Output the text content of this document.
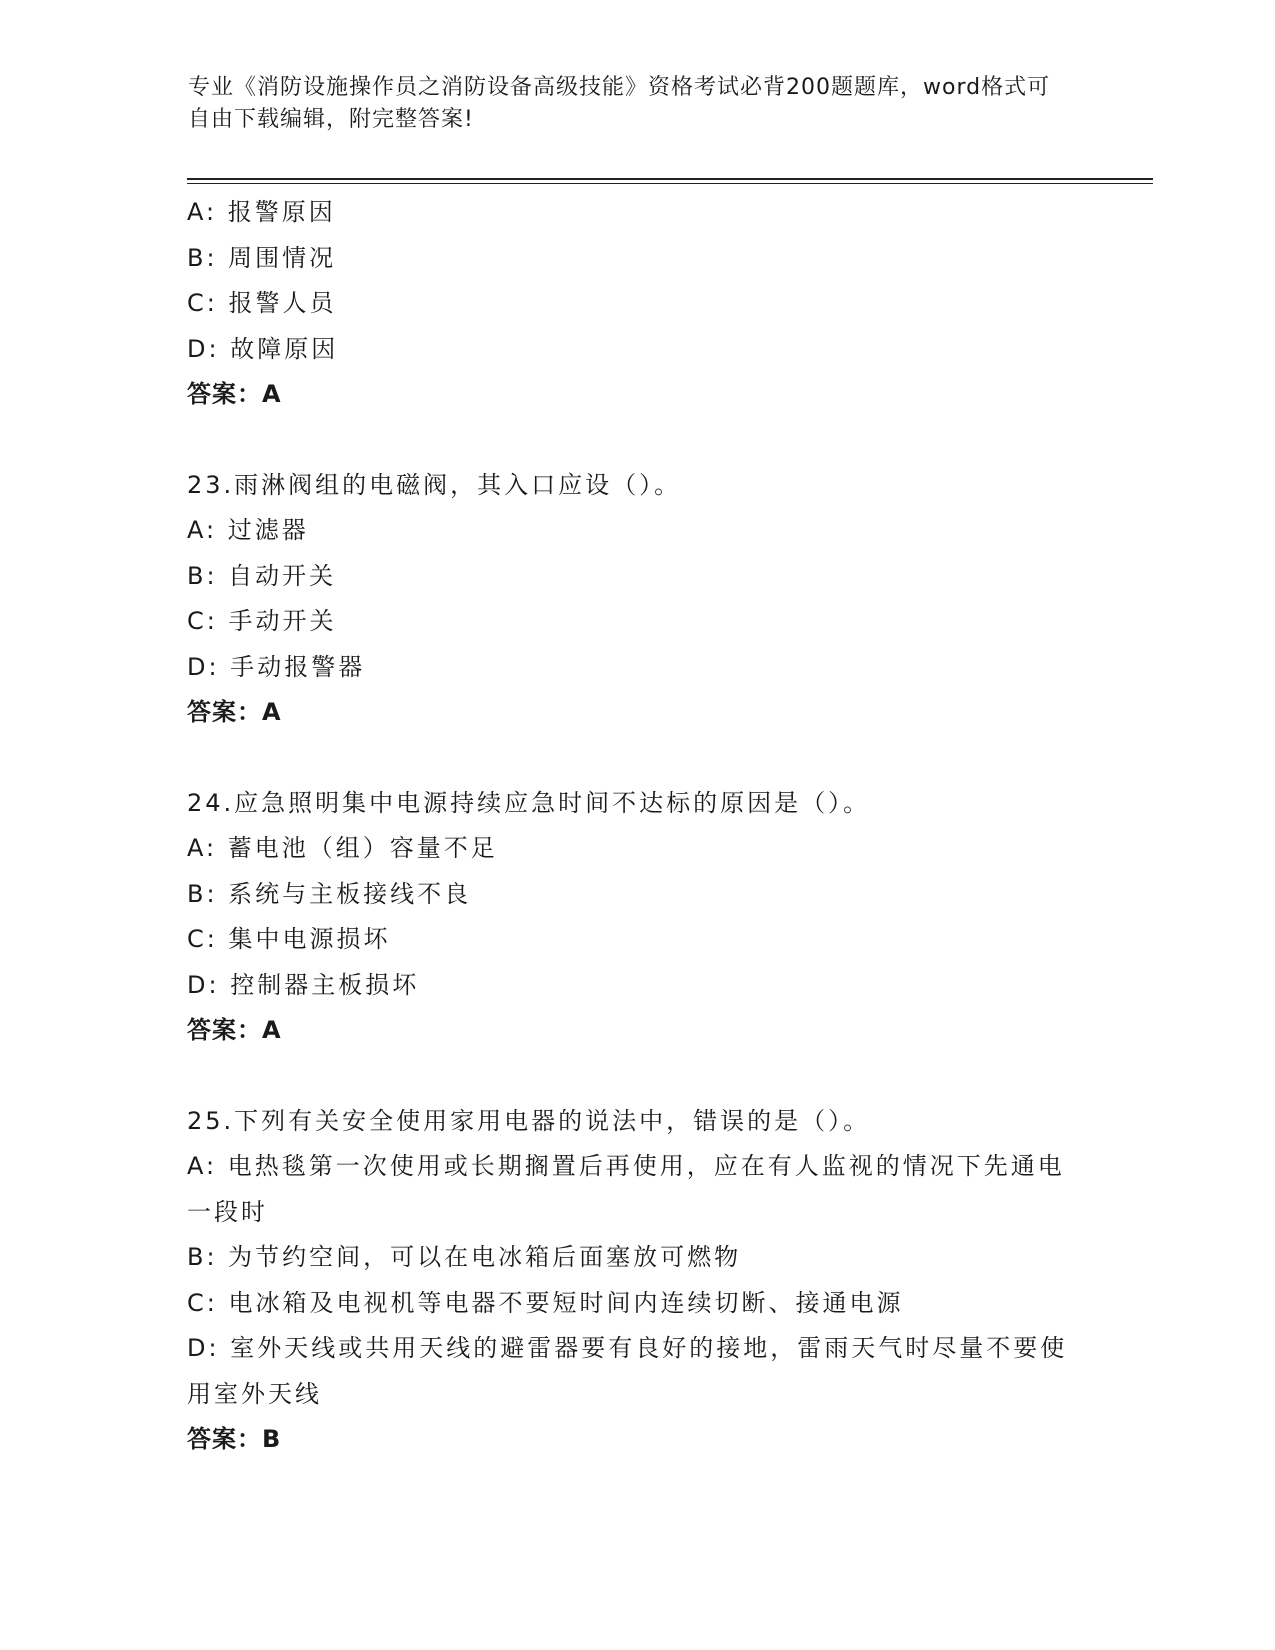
专业《消防设施操作员之消防设备高级技能》资格考试必背200题题库，word格式可自由下载编辑，附完整答案!
A: 报警原因
B: 周围情况
C: 报警人员
D: 故障原因
答案：A
23.雨淋阀组的电磁阀，其入口应设（）。
A: 过滤器
B: 自动开关
C: 手动开关
D: 手动报警器
答案：A
24.应急照明集中电源持续应急时间不达标的原因是（）。
A: 蓄电池（组）容量不足
B: 系统与主板接线不良
C: 集中电源损坏
D: 控制器主板损坏
答案：A
25.下列有关安全使用家用电器的说法中，错误的是（）。
A: 电热毯第一次使用或长期搁置后再使用，应在有人监视的情况下先通电一段时
B: 为节约空间，可以在电冰箱后面塞放可燃物
C: 电冰箱及电视机等电器不要短时间内连续切断、接通电源
D: 室外天线或共用天线的避雷器要有良好的接地，雷雨天气时尽量不要使用室外天线
答案：B
